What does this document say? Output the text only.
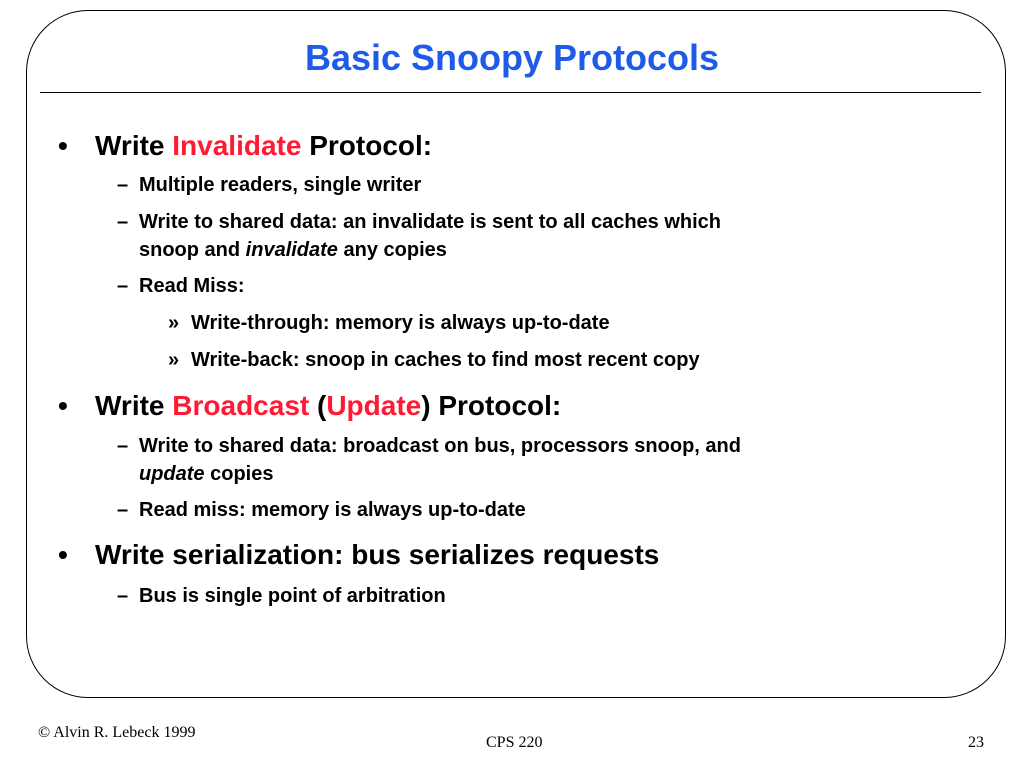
Basic Snoopy Protocols
• Write Invalidate Protocol:
– Multiple readers, single writer
– Write to shared data: an invalidate is sent to all caches which
snoop and invalidate any copies
– Read Miss:
» Write-through: memory is always up-to-date
» Write-back: snoop in caches to find most recent copy
• Write Broadcast (Update) Protocol:
– Write to shared data: broadcast on bus, processors snoop, and
update copies
– Read miss: memory is always up-to-date
• Write serialization: bus serializes requests
– Bus is single point of arbitration
© Alvin R. Lebeck 1999
CPS 220	23
